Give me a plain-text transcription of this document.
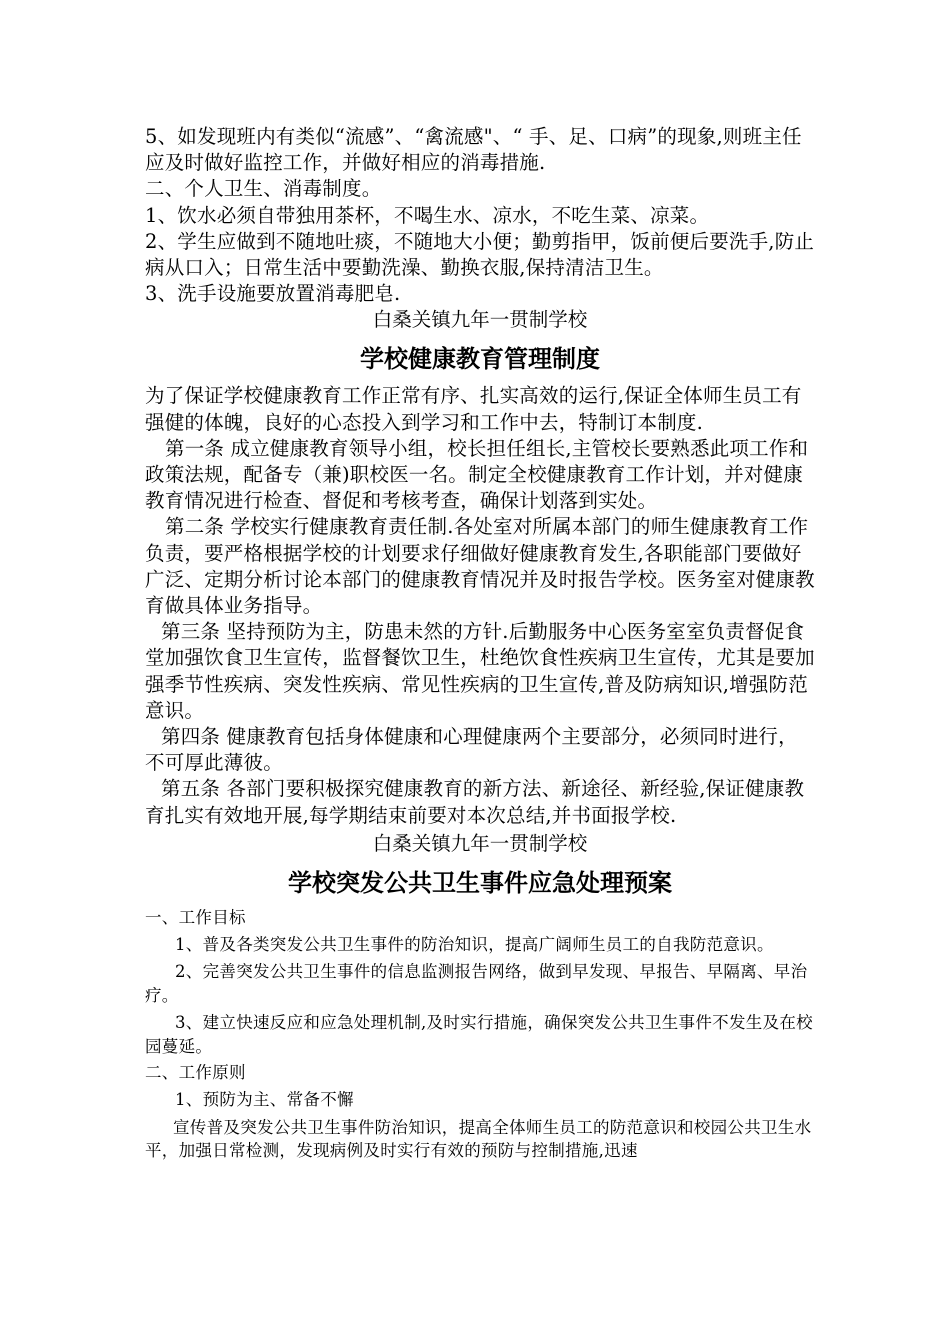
5、如发现班内有类似“流感”、“禽流感"、“ 手、足、口病”的现象,则班主任应及时做好监控工作，并做好相应的消毒措施.

二、个人卫生、消毒制度。

1、饮水必须自带独用茶杯，不喝生水、凉水，不吃生菜、凉菜。

2、学生应做到不随地吐痰，不随地大小便；勤剪指甲，饭前便后要洗手,防止病从口入；日常生活中要勤洗澡、勤换衣服,保持清洁卫生。

3、洗手设施要放置消毒肥皂.

白桑关镇九年一贯制学校

学校健康教育管理制度

为了保证学校健康教育工作正常有序、扎实高效的运行,保证全体师生员工有强健的体魄，良好的心态投入到学习和工作中去，特制订本制度.

第一条 成立健康教育领导小组，校长担任组长,主管校长要熟悉此项工作和政策法规，配备专（兼)职校医一名。制定全校健康教育工作计划，并对健康教育情况进行检查、督促和考核考查，确保计划落到实处。

第二条 学校实行健康教育责任制.各处室对所属本部门的师生健康教育工作负责，要严格根据学校的计划要求仔细做好健康教育发生,各职能部门要做好广泛、定期分析讨论本部门的健康教育情况并及时报告学校。医务室对健康教育做具体业务指导。

第三条 坚持预防为主，防患未然的方针.后勤服务中心医务室室负责督促食堂加强饮食卫生宣传，监督餐饮卫生，杜绝饮食性疾病卫生宣传，尤其是要加强季节性疾病、突发性疾病、常见性疾病的卫生宣传,普及防病知识,增强防范意识。

第四条 健康教育包括身体健康和心理健康两个主要部分，必须同时进行，不可厚此薄彼。

第五条 各部门要积极探究健康教育的新方法、新途径、新经验,保证健康教育扎实有效地开展,每学期结束前要对本次总结,并书面报学校.

白桑关镇九年一贯制学校

学校突发公共卫生事件应急处理预案

一、工作目标

1、普及各类突发公共卫生事件的防治知识，提高广阔师生员工的自我防范意识。

2、完善突发公共卫生事件的信息监测报告网络，做到早发现、早报告、早隔离、早治疗。

3、建立快速反应和应急处理机制,及时实行措施，确保突发公共卫生事件不发生及在校园蔓延。

二、工作原则

1、预防为主、常备不懈

宣传普及突发公共卫生事件防治知识，提高全体师生员工的防范意识和校园公共卫生水平，加强日常检测，发现病例及时实行有效的预防与控制措施,迅速
